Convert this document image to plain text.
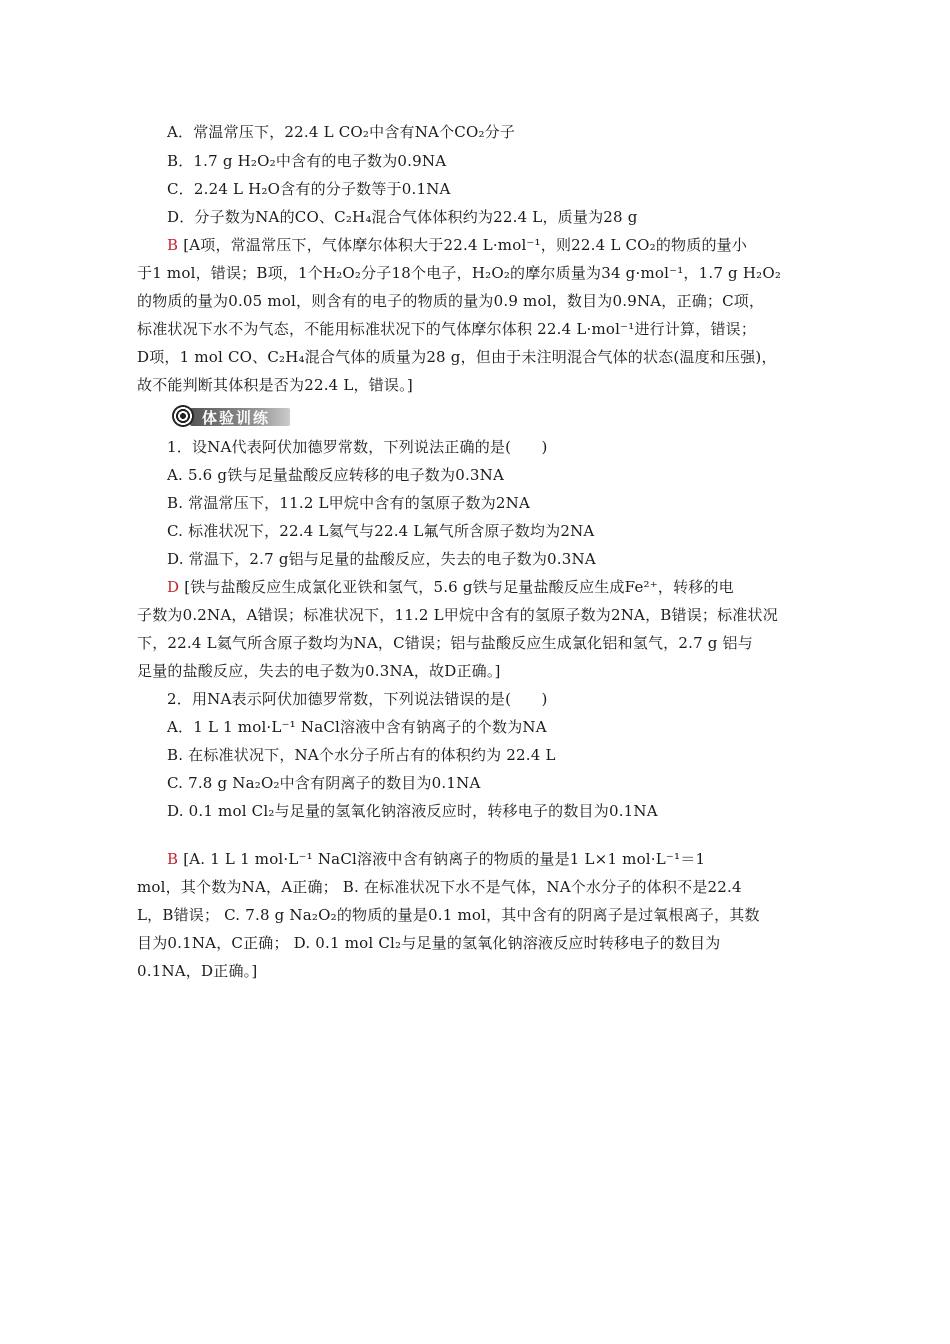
A．常温常压下，22.4 L CO₂中含有NA个CO₂分子
B．1.7 g H₂O₂中含有的电子数为0.9NA
C．2.24 L H₂O含有的分子数等于0.1NA
D．分子数为NA的CO、C₂H₄混合气体体积约为22.4 L，质量为28 g
B [A项，常温常压下，气体摩尔体积大于22.4 L·mol⁻¹，则22.4 L CO₂的物质的量小
于1 mol，错误；B项，1个H₂O₂分子18个电子，H₂O₂的摩尔质量为34 g·mol⁻¹，1.7 g H₂O₂
的物质的量为0.05 mol，则含有的电子的物质的量为0.9 mol，数目为0.9NA，正确；C项，
标准状况下水不为气态，不能用标准状况下的气体摩尔体积 22.4 L·mol⁻¹进行计算，错误；
D项，1 mol CO、C₂H₄混合气体的质量为28 g，但由于未注明混合气体的状态(温度和压强)，
故不能判断其体积是否为22.4 L，错误。]
体验训练
1．设NA代表阿伏加德罗常数，下列说法正确的是(　　)
A. 5.6 g铁与足量盐酸反应转移的电子数为0.3NA
B. 常温常压下，11.2 L甲烷中含有的氢原子数为2NA
C. 标准状况下，22.4 L氦气与22.4 L氟气所含原子数均为2NA
D. 常温下，2.7 g铝与足量的盐酸反应，失去的电子数为0.3NA
D [铁与盐酸反应生成氯化亚铁和氢气，5.6 g铁与足量盐酸反应生成Fe²⁺，转移的电
子数为0.2NA，A错误；标准状况下，11.2 L甲烷中含有的氢原子数为2NA，B错误；标准状况
下，22.4 L氦气所含原子数均为NA，C错误；铝与盐酸反应生成氯化铝和氢气，2.7 g 铝与
足量的盐酸反应，失去的电子数为0.3NA，故D正确。]
2．用NA表示阿伏加德罗常数，下列说法错误的是(　　)
A．1 L 1 mol·L⁻¹ NaCl溶液中含有钠离子的个数为NA
B. 在标准状况下，NA个水分子所占有的体积约为 22.4 L
C. 7.8 g Na₂O₂中含有阴离子的数目为0.1NA
D. 0.1 mol Cl₂与足量的氢氧化钠溶液反应时，转移电子的数目为0.1NA
B [A. 1 L 1 mol·L⁻¹ NaCl溶液中含有钠离子的物质的量是1 L×1 mol·L⁻¹＝1
mol，其个数为NA，A正确； B. 在标准状况下水不是气体，NA个水分子的体积不是22.4
L，B错误； C. 7.8 g Na₂O₂的物质的量是0.1 mol，其中含有的阴离子是过氧根离子，其数
目为0.1NA，C正确； D. 0.1 mol Cl₂与足量的氢氧化钠溶液反应时转移电子的数目为
0.1NA，D正确。]
